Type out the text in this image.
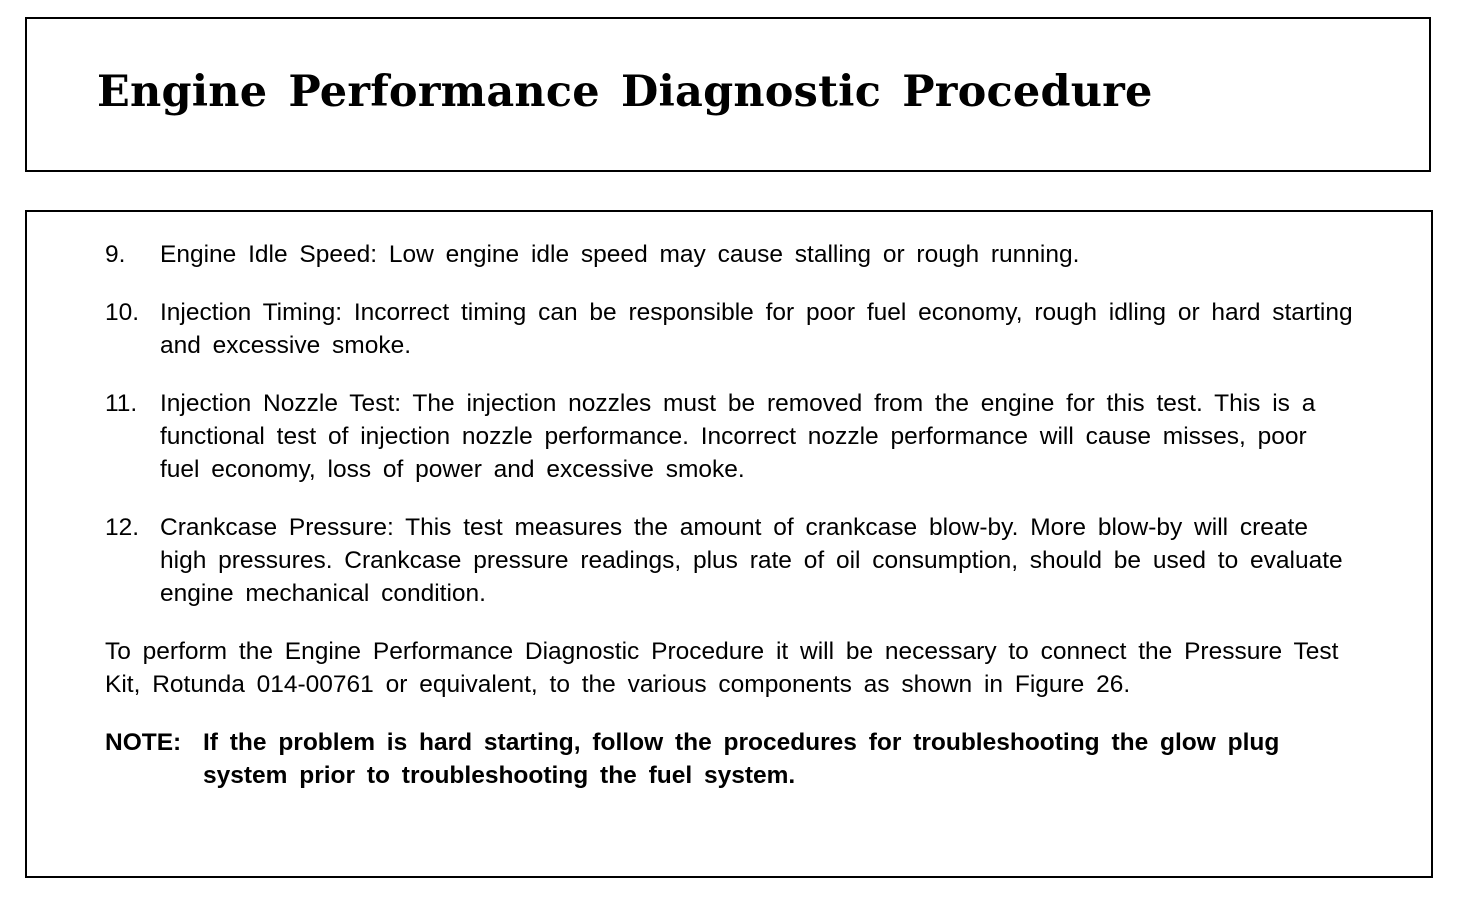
Engine Performance Diagnostic Procedure
9. Engine Idle Speed: Low engine idle speed may cause stalling or rough running.
10. Injection Timing: Incorrect timing can be responsible for poor fuel economy, rough idling or hard starting and excessive smoke.
11. Injection Nozzle Test: The injection nozzles must be removed from the engine for this test. This is a functional test of injection nozzle performance. Incorrect nozzle performance will cause misses, poor fuel economy, loss of power and excessive smoke.
12. Crankcase Pressure: This test measures the amount of crankcase blow-by. More blow-by will create high pressures. Crankcase pressure readings, plus rate of oil consumption, should be used to evaluate engine mechanical condition.

To perform the Engine Performance Diagnostic Procedure it will be necessary to connect the Pressure Test Kit, Rotunda 014-00761 or equivalent, to the various components as shown in Figure 26.

NOTE: If the problem is hard starting, follow the procedures for troubleshooting the glow plug system prior to troubleshooting the fuel system.
